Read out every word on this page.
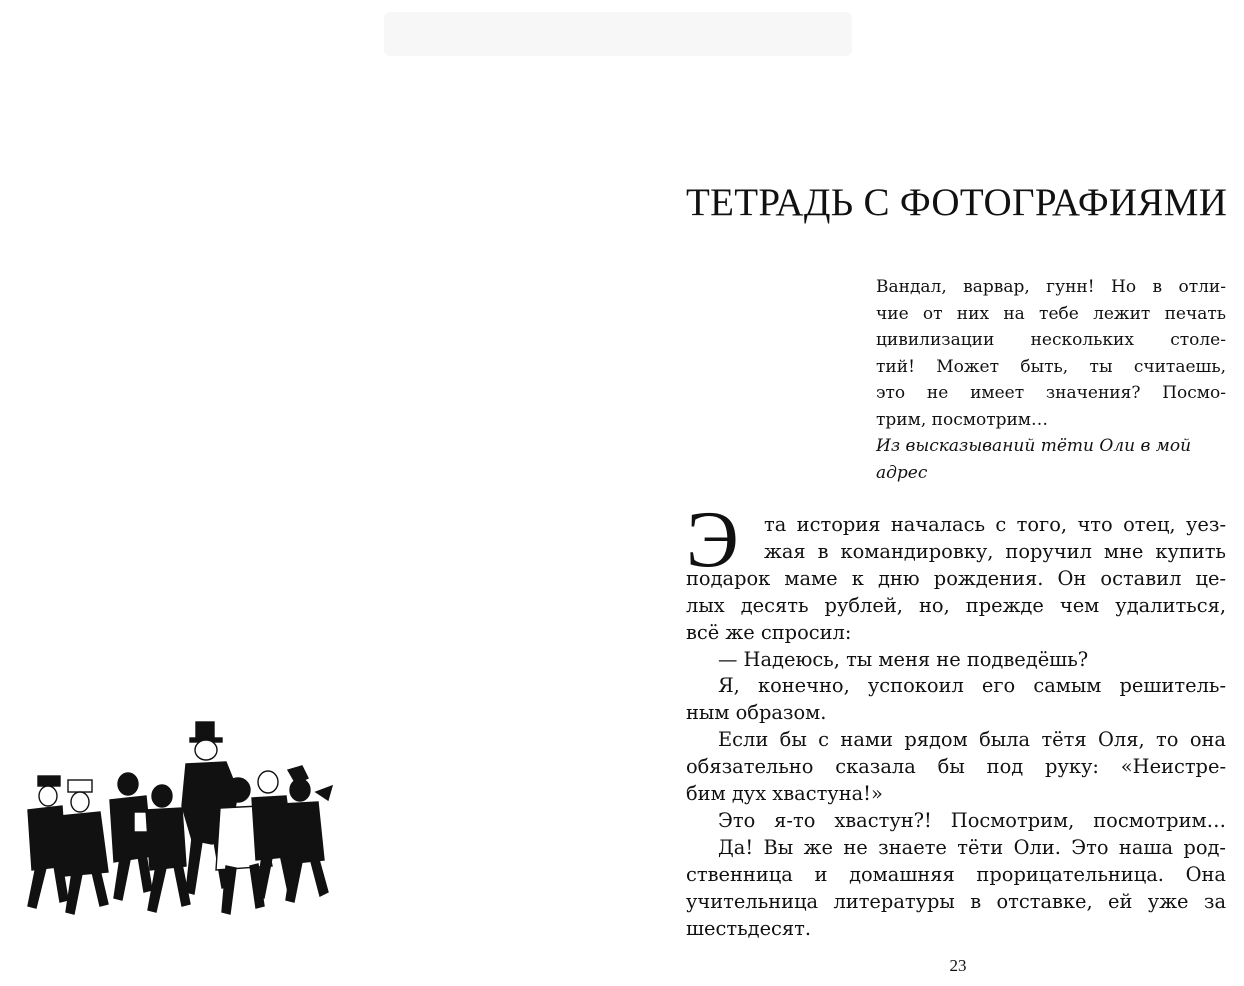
ТЕТРАДЬ С ФОТОГРАФИЯМИ
Вандал, варвар, гунн! Но в отли-
чие от них на тебе лежит печать
цивилизации нескольких столе-
тий! Может быть, ты считаешь,
это не имеет значения? Посмо-
трим, посмотрим…
Из высказываний тёти Оли в мой
адрес
Э	та история началась с того, что отец, уез-
жая в командировку, поручил мне купить
подарок маме к дню рождения. Он оставил це-
лых десять рублей, но, прежде чем удалиться,
всё же спросил:
— Надеюсь, ты меня не подведёшь?
Я, конечно, успокоил его самым решитель-
ным образом.
Если бы с нами рядом была тётя Оля, то она
обязательно сказала бы под руку: «Неистре-
бим дух хвастуна!»
Это я-то хвастун?! Посмотрим, посмотрим…
Да! Вы же не знаете тёти Оли. Это наша род-
ственница и домашняя прорицательница. Она
учительница литературы в отставке, ей уже за
шестьдесят.
23
